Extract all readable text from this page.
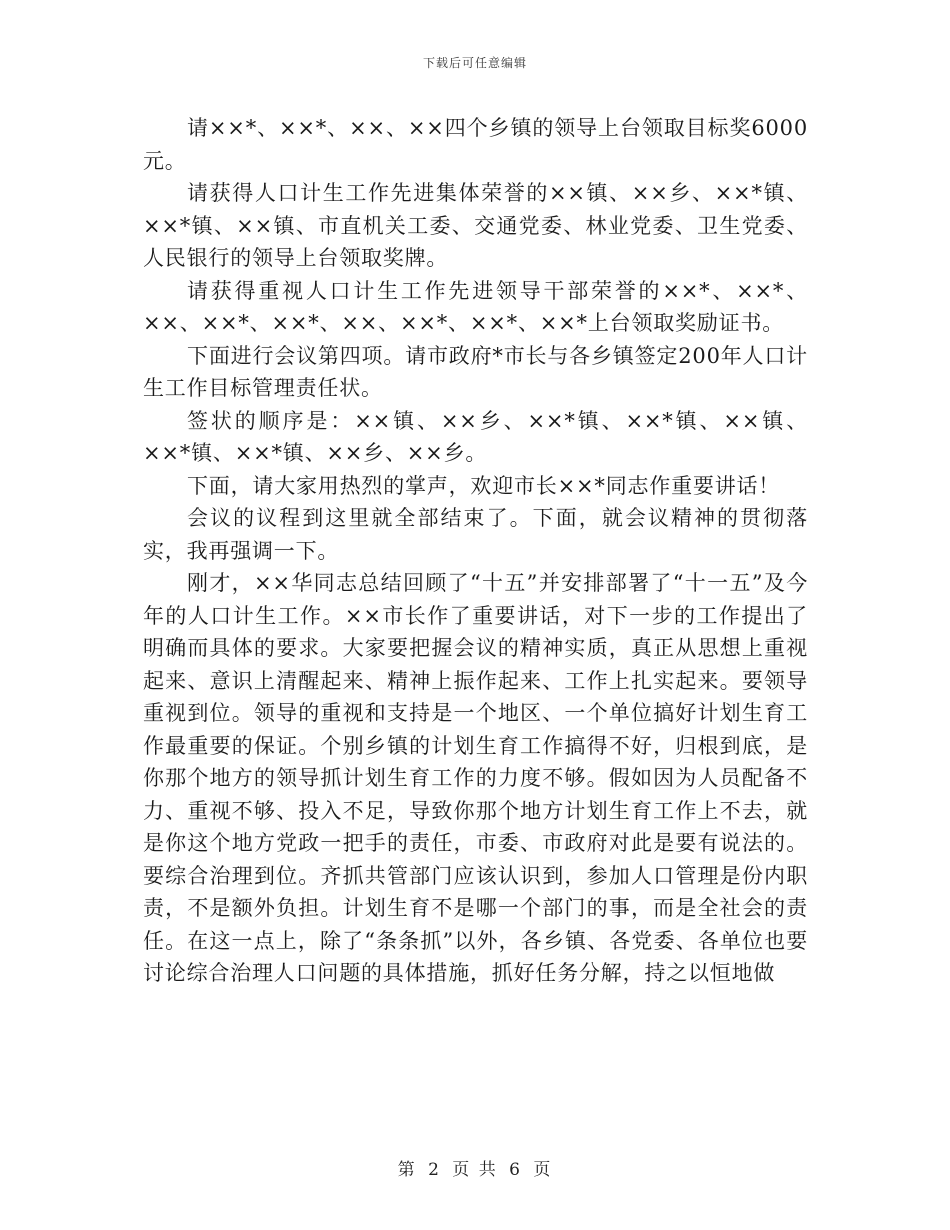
下载后可任意编辑

请××*、××*、××、××四个乡镇的领导上台领取目标奖6000元。

请获得人口计生工作先进集体荣誉的××镇、××乡、××*镇、××*镇、××镇、市直机关工委、交通党委、林业党委、卫生党委、人民银行的领导上台领取奖牌。

请获得重视人口计生工作先进领导干部荣誉的××*、××*、××、××*、××*、××、××*、××*、××*上台领取奖励证书。

下面进行会议第四项。请市政府*市长与各乡镇签定200年人口计生工作目标管理责任状。

签状的顺序是：××镇、××乡、××*镇、××*镇、××镇、××*镇、××*镇、××乡、××乡。

下面，请大家用热烈的掌声，欢迎市长××*同志作重要讲话！

会议的议程到这里就全部结束了。下面，就会议精神的贯彻落实，我再强调一下。

刚才，××华同志总结回顾了“十五”并安排部署了“十一五”及今年的人口计生工作。××市长作了重要讲话，对下一步的工作提出了明确而具体的要求。大家要把握会议的精神实质，真正从思想上重视起来、意识上清醒起来、精神上振作起来、工作上扎实起来。要领导重视到位。领导的重视和支持是一个地区、一个单位搞好计划生育工作最重要的保证。个别乡镇的计划生育工作搞得不好，归根到底，是你那个地方的领导抓计划生育工作的力度不够。假如因为人员配备不力、重视不够、投入不足，导致你那个地方计划生育工作上不去，就是你这个地方党政一把手的责任，市委、市政府对此是要有说法的。要综合治理到位。齐抓共管部门应该认识到，参加人口管理是份内职责，不是额外负担。计划生育不是哪一个部门的事，而是全社会的责任。在这一点上，除了“条条抓”以外，各乡镇、各党委、各单位也要讨论综合治理人口问题的具体措施，抓好任务分解，持之以恒地做

第 2 页 共 6 页
